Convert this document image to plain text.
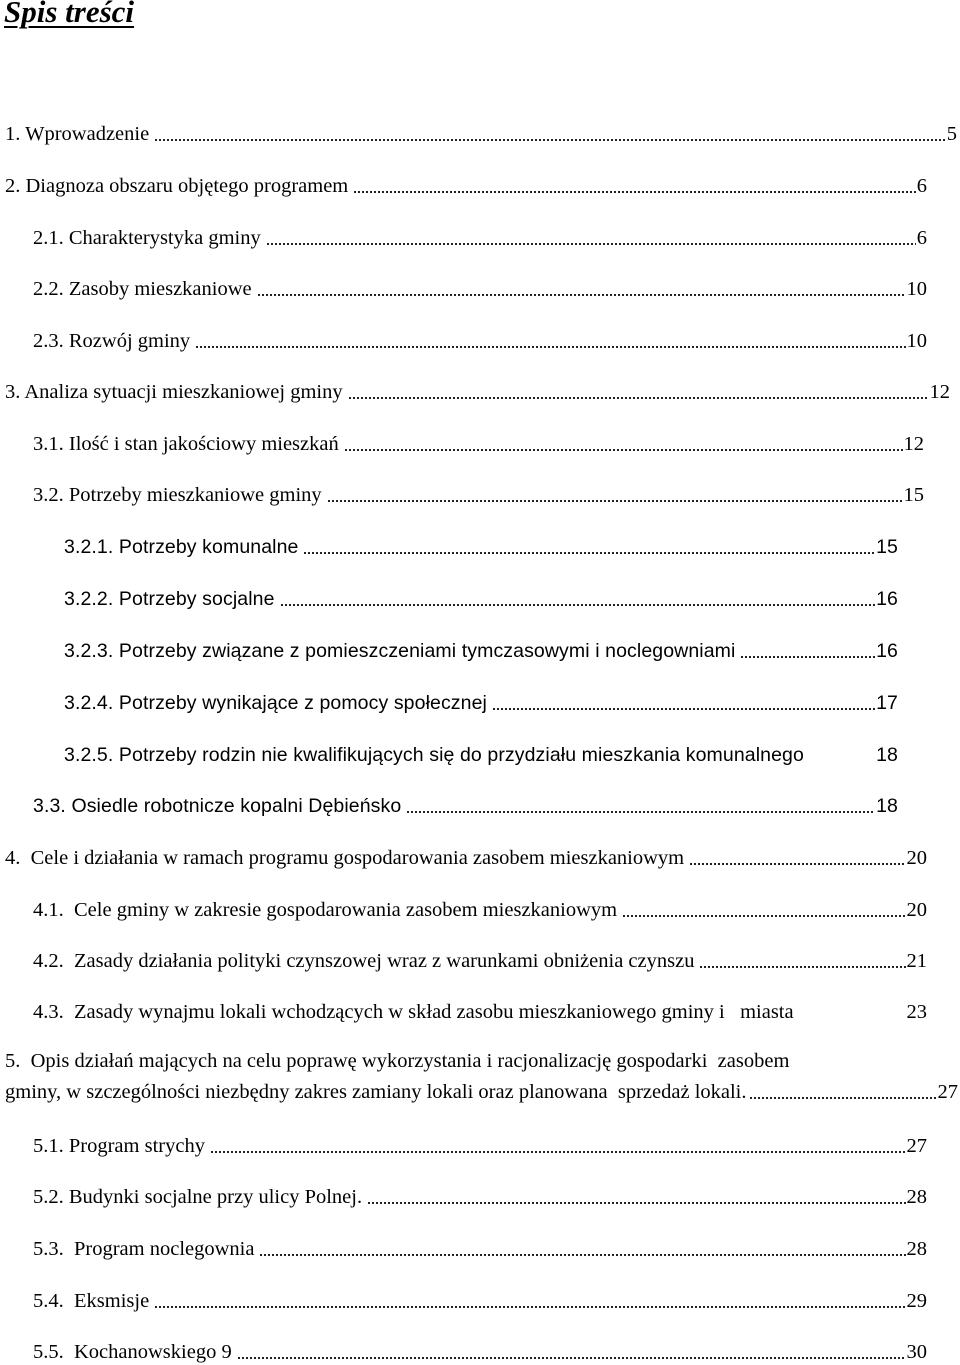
Spis treści
1. Wprowadzenie	5
2. Diagnoza obszaru objętego programem	6
2.1. Charakterystyka gminy	6
2.2. Zasoby mieszkaniowe	10
2.3. Rozwój gminy	10
3. Analiza sytuacji mieszkaniowej gminy	12
3.1. Ilość i stan jakościowy mieszkań	12
3.2. Potrzeby mieszkaniowe gminy	15
3.2.1. Potrzeby komunalne	15
3.2.2. Potrzeby socjalne	16
3.2.3. Potrzeby związane z pomieszczeniami tymczasowymi i noclegowniami	16
3.2.4. Potrzeby wynikające z pomocy społecznej	17
3.2.5. Potrzeby rodzin nie kwalifikujących się do przydziału mieszkania komunalnego	18
3.3. Osiedle robotnicze kopalni Dębieńsko	18
4.  Cele i działania w ramach programu gospodarowania zasobem mieszkaniowym	20
4.1.  Cele gminy w zakresie gospodarowania zasobem mieszkaniowym	20
4.2.  Zasady działania polityki czynszowej wraz z warunkami obniżenia czynszu	21
4.3.  Zasady wynajmu lokali wchodzących w skład zasobu mieszkaniowego gminy i   miasta	23
5.  Opis działań mających na celu poprawę wykorzystania i racjonalizację gospodarki  zasobem
gminy, w szczególności niezbędny zakres zamiany lokali oraz planowana  sprzedaż lokali.	27
5.1. Program strychy	27
5.2. Budynki socjalne przy ulicy Polnej.	28
5.3.  Program noclegownia	28
5.4.  Eksmisje	29
5.5.  Kochanowskiego 9	30
